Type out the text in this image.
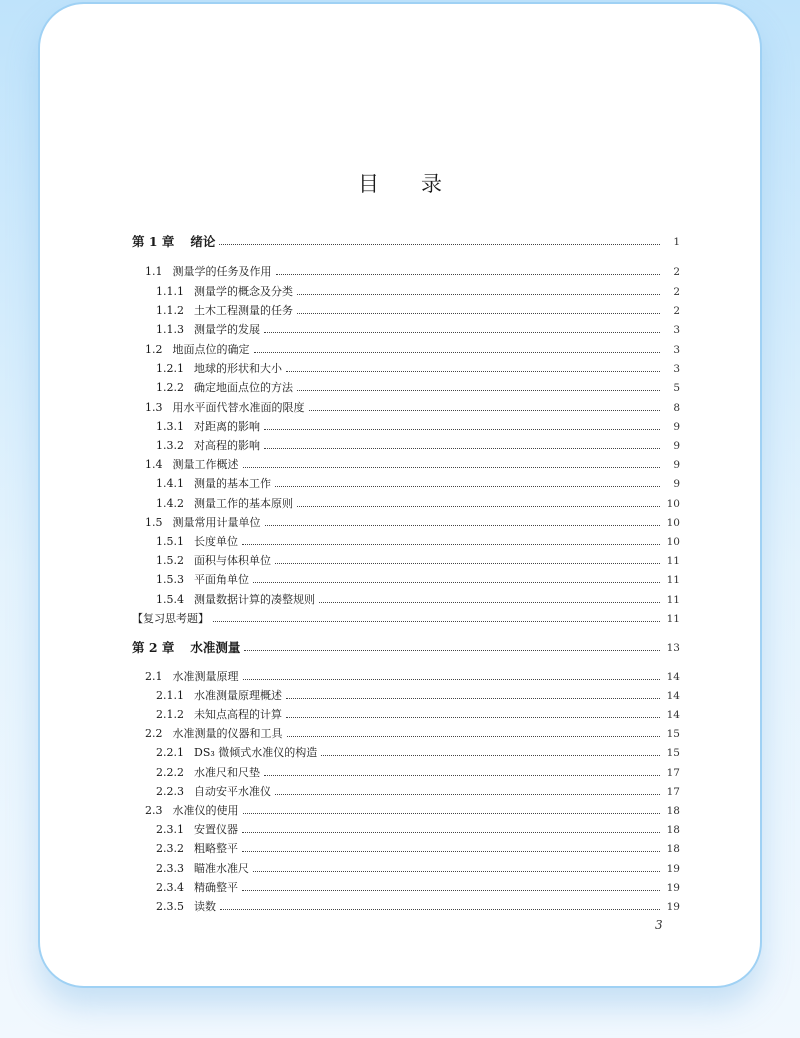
目录
第 1 章 绪论	1
1.1 测量学的任务及作用	2
1.1.1 测量学的概念及分类	2
1.1.2 土木工程测量的任务	2
1.1.3 测量学的发展	3
1.2 地面点位的确定	3
1.2.1 地球的形状和大小	3
1.2.2 确定地面点位的方法	5
1.3 用水平面代替水准面的限度	8
1.3.1 对距离的影响	9
1.3.2 对高程的影响	9
1.4 测量工作概述	9
1.4.1 测量的基本工作	9
1.4.2 测量工作的基本原则	10
1.5 测量常用计量单位	10
1.5.1 长度单位	10
1.5.2 面积与体积单位	11
1.5.3 平面角单位	11
1.5.4 测量数据计算的凑整规则	11
【复习思考题】	11
第 2 章 水准测量	13
2.1 水准测量原理	14
2.1.1 水准测量原理概述	14
2.1.2 未知点高程的计算	14
2.2 水准测量的仪器和工具	15
2.2.1 DS₃ 微倾式水准仪的构造	15
2.2.2 水准尺和尺垫	17
2.2.3 自动安平水准仪	17
2.3 水准仪的使用	18
2.3.1 安置仪器	18
2.3.2 粗略整平	18
2.3.3 瞄准水准尺	19
2.3.4 精确整平	19
2.3.5 读数	19
3
